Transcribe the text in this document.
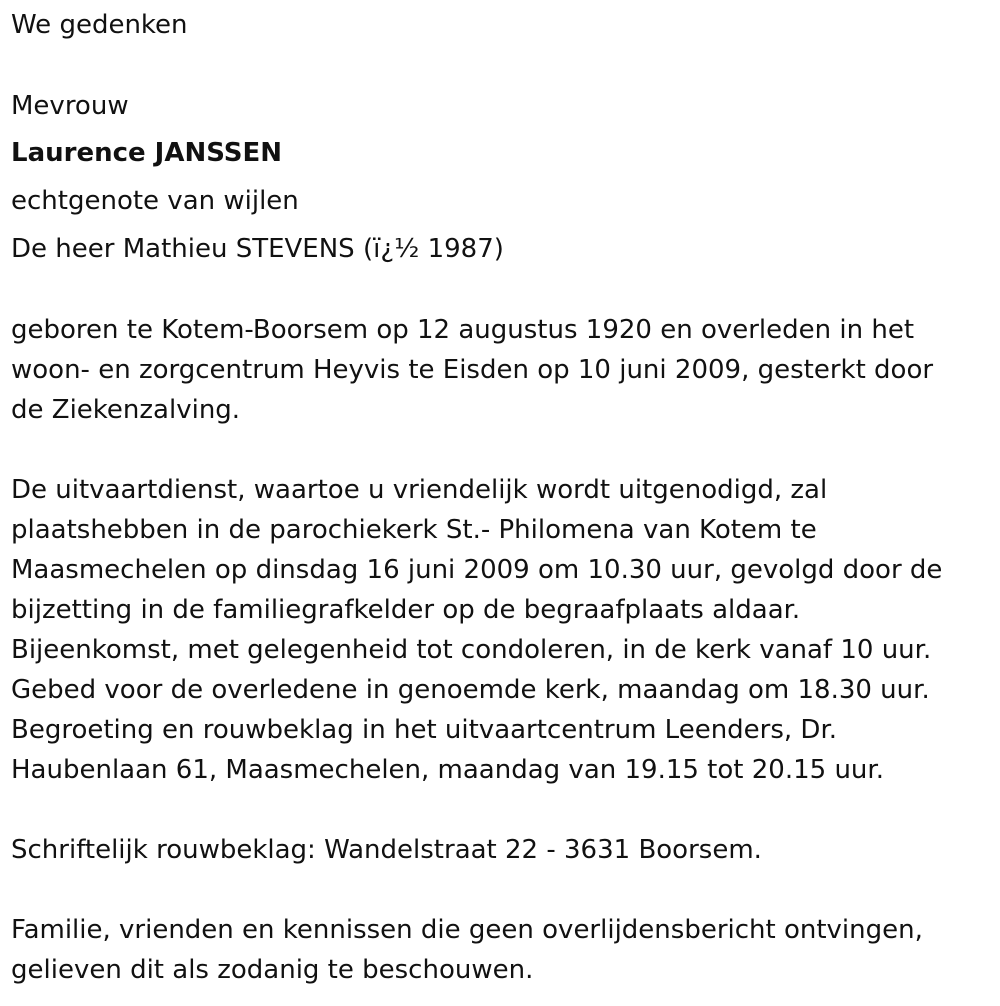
We gedenken
Mevrouw
Laurence JANSSEN
echtgenote van wijlen
De heer Mathieu STEVENS (ï¿½ 1987)
geboren te Kotem-Boorsem op 12 augustus 1920 en overleden in het
woon- en zorgcentrum Heyvis te Eisden op 10 juni 2009, gesterkt door
de Ziekenzalving.
De uitvaartdienst, waartoe u vriendelijk wordt uitgenodigd, zal
plaatshebben in de parochiekerk St.- Philomena van Kotem te
Maasmechelen op dinsdag 16 juni 2009 om 10.30 uur, gevolgd door de
bijzetting in de familiegrafkelder op de begraafplaats aldaar.
Bijeenkomst, met gelegenheid tot condoleren, in de kerk vanaf 10 uur.
Gebed voor de overledene in genoemde kerk, maandag om 18.30 uur.
Begroeting en rouwbeklag in het uitvaartcentrum Leenders, Dr.
Haubenlaan 61, Maasmechelen, maandag van 19.15 tot 20.15 uur.
Schriftelijk rouwbeklag: Wandelstraat 22 - 3631 Boorsem.
Familie, vrienden en kennissen die geen overlijdensbericht ontvingen,
gelieven dit als zodanig te beschouwen.
